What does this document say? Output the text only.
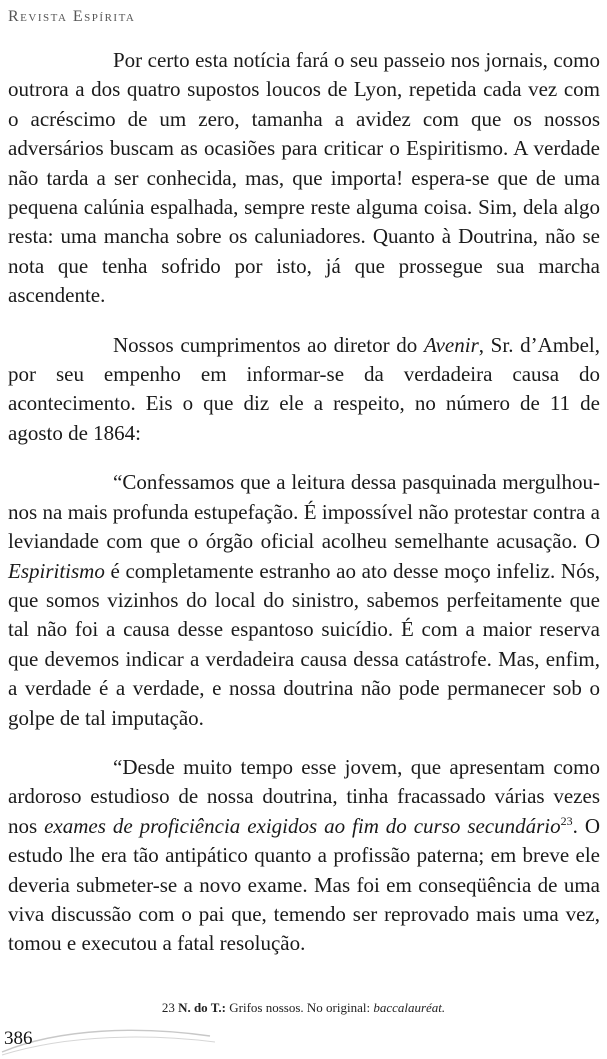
Revista Espírita

Por certo esta notícia fará o seu passeio nos jornais, como outrora a dos quatro supostos loucos de Lyon, repetida cada vez com o acréscimo de um zero, tamanha a avidez com que os nossos adversários buscam as ocasiões para criticar o Espiritismo. A verdade não tarda a ser conhecida, mas, que importa! espera-se que de uma pequena calúnia espalhada, sempre reste alguma coisa. Sim, dela algo resta: uma mancha sobre os caluniadores. Quanto à Doutrina, não se nota que tenha sofrido por isto, já que prossegue sua marcha ascendente.

Nossos cumprimentos ao diretor do Avenir, Sr. d’Ambel, por seu empenho em informar-se da verdadeira causa do acontecimento. Eis o que diz ele a respeito, no número de 11 de agosto de 1864:

“Confessamos que a leitura dessa pasquinada mergulhou-nos na mais profunda estupefação. É impossível não protestar contra a leviandade com que o órgão oficial acolheu semelhante acusação. O Espiritismo é completamente estranho ao ato desse moço infeliz. Nós, que somos vizinhos do local do sinistro, sabemos perfeitamente que tal não foi a causa desse espantoso suicídio. É com a maior reserva que devemos indicar a verdadeira causa dessa catástrofe. Mas, enfim, a verdade é a verdade, e nossa doutrina não pode permanecer sob o golpe de tal imputação.

“Desde muito tempo esse jovem, que apresentam como ardoroso estudioso de nossa doutrina, tinha fracassado várias vezes nos exames de proficiência exigidos ao fim do curso secundário$^{23}$. O estudo lhe era tão antipático quanto a profissão paterna; em breve ele deveria submeter-se a novo exame. Mas foi em conseqüência de uma viva discussão com o pai que, temendo ser reprovado mais uma vez, tomou e executou a fatal resolução.

23 N. do T.: Grifos nossos. No original: baccalauréat.
386
